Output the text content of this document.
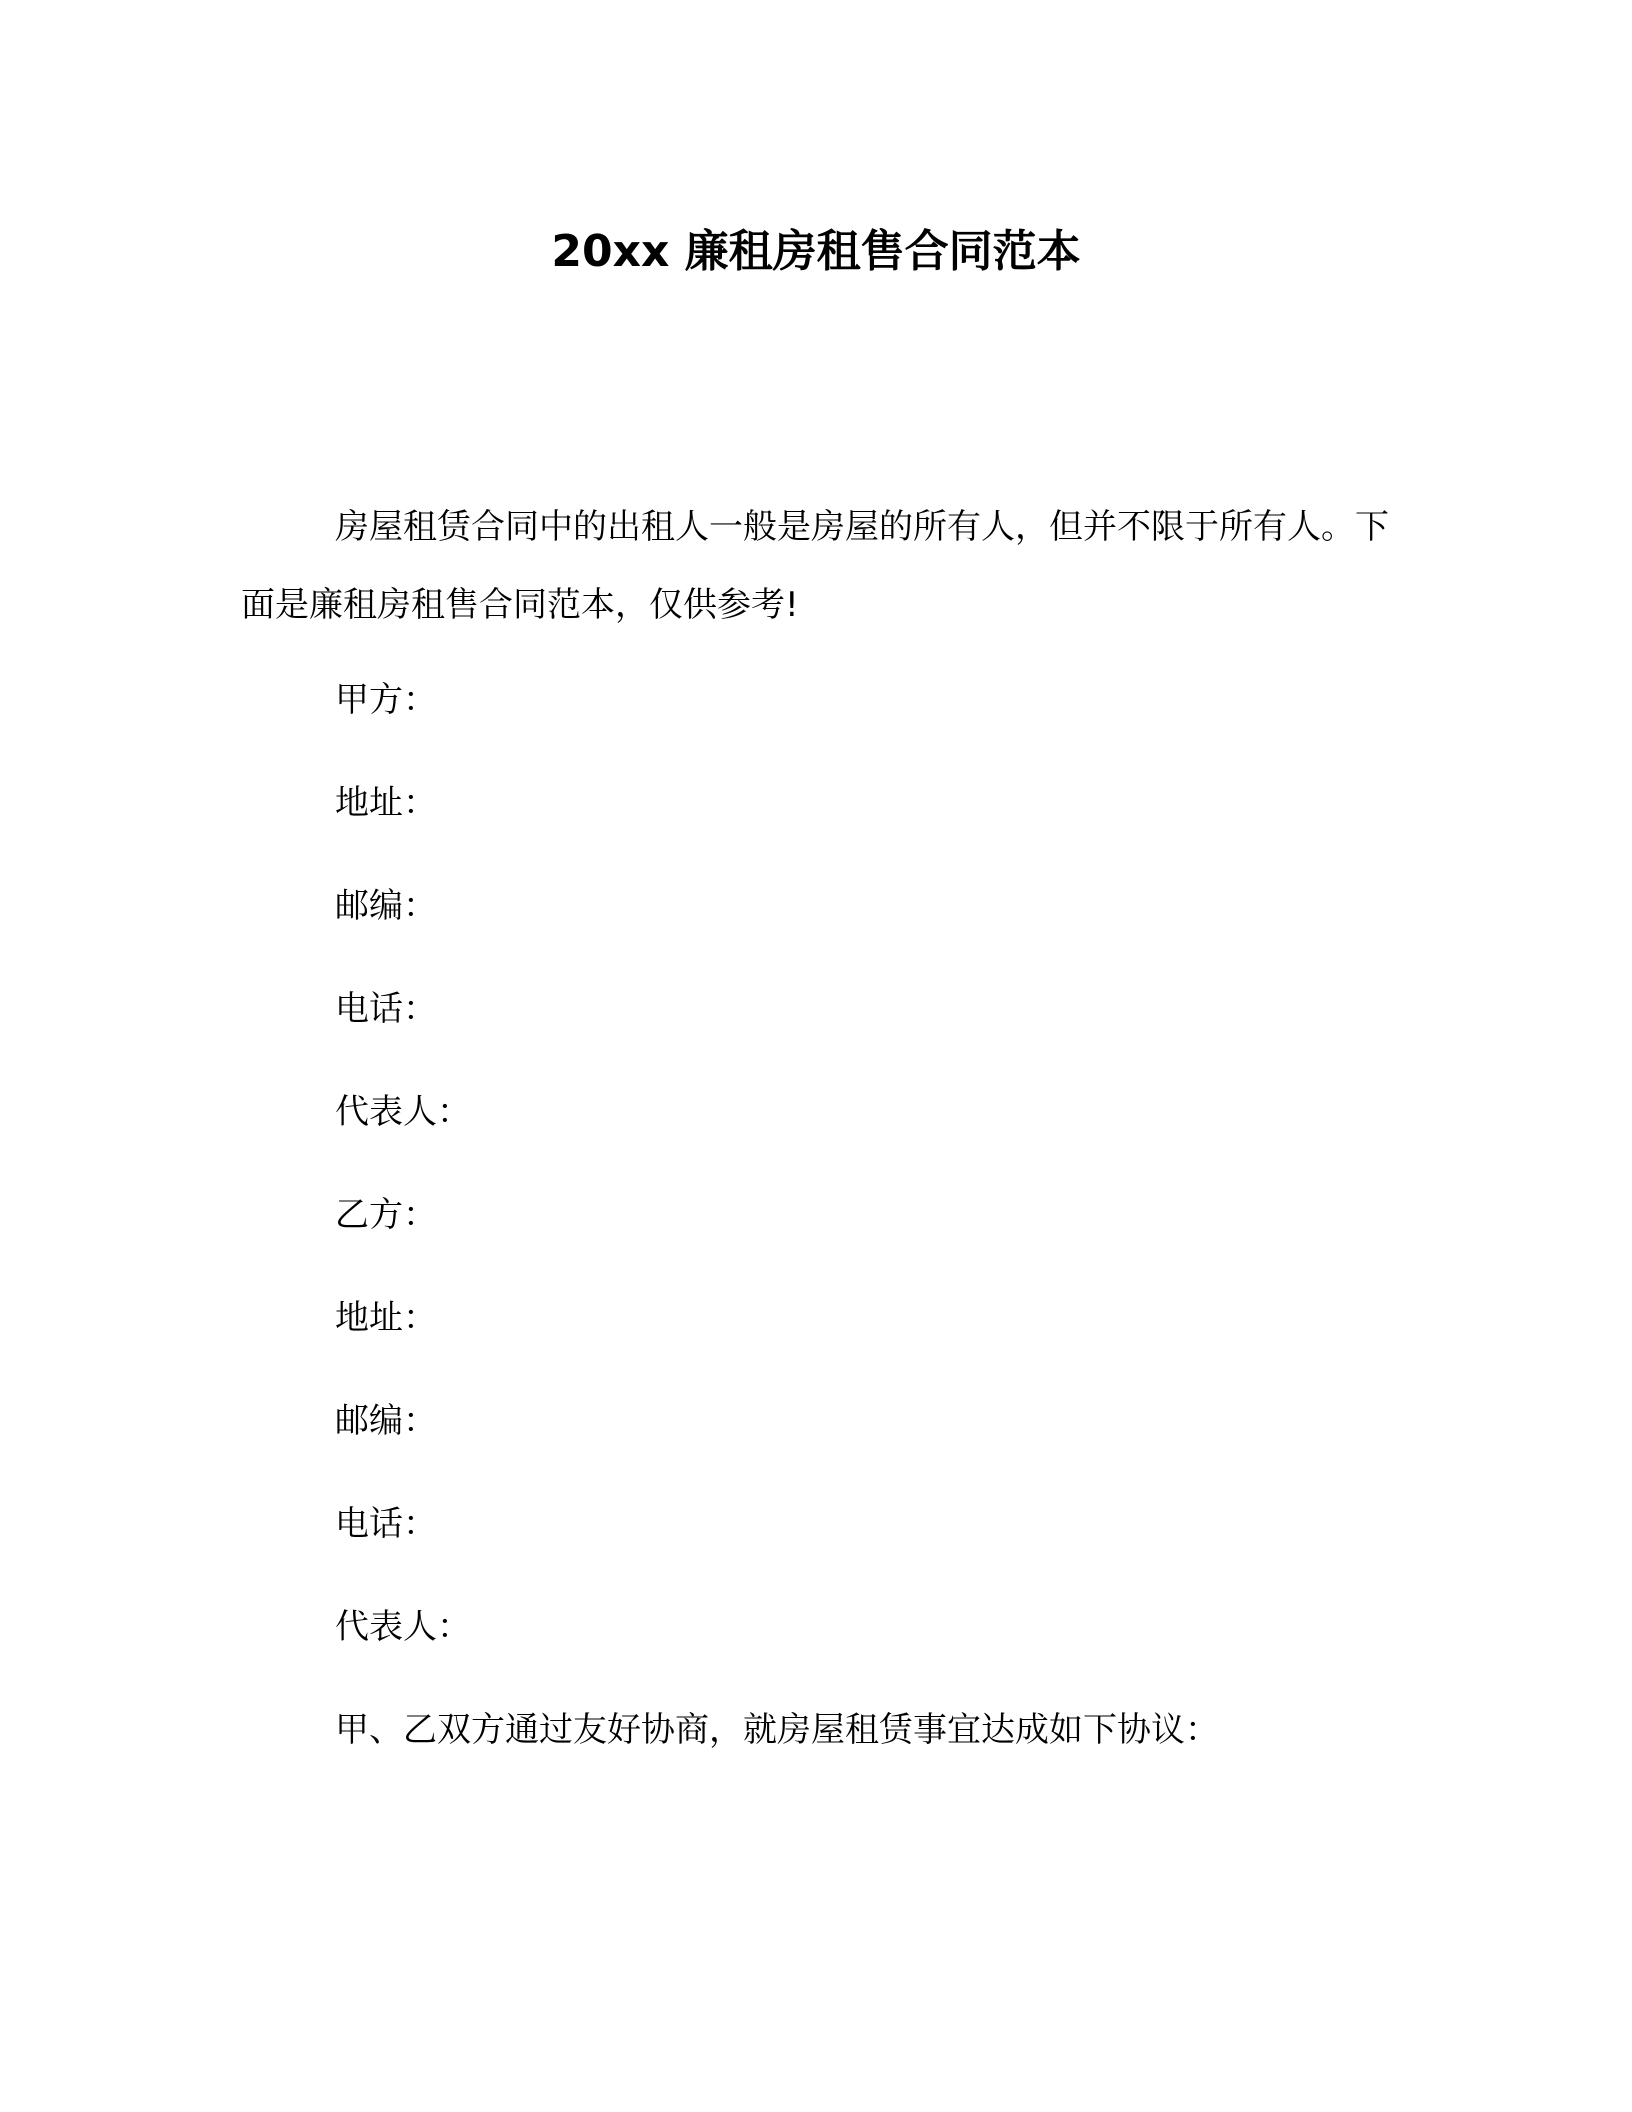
20xx 廉租房租售合同范本

房屋租赁合同中的出租人一般是房屋的所有人，但并不限于所有人。下面是廉租房租售合同范本，仅供参考!

甲方：

地址：

邮编：

电话：

代表人：

乙方：

地址：

邮编：

电话：

代表人：

甲、乙双方通过友好协商，就房屋租赁事宜达成如下协议：
